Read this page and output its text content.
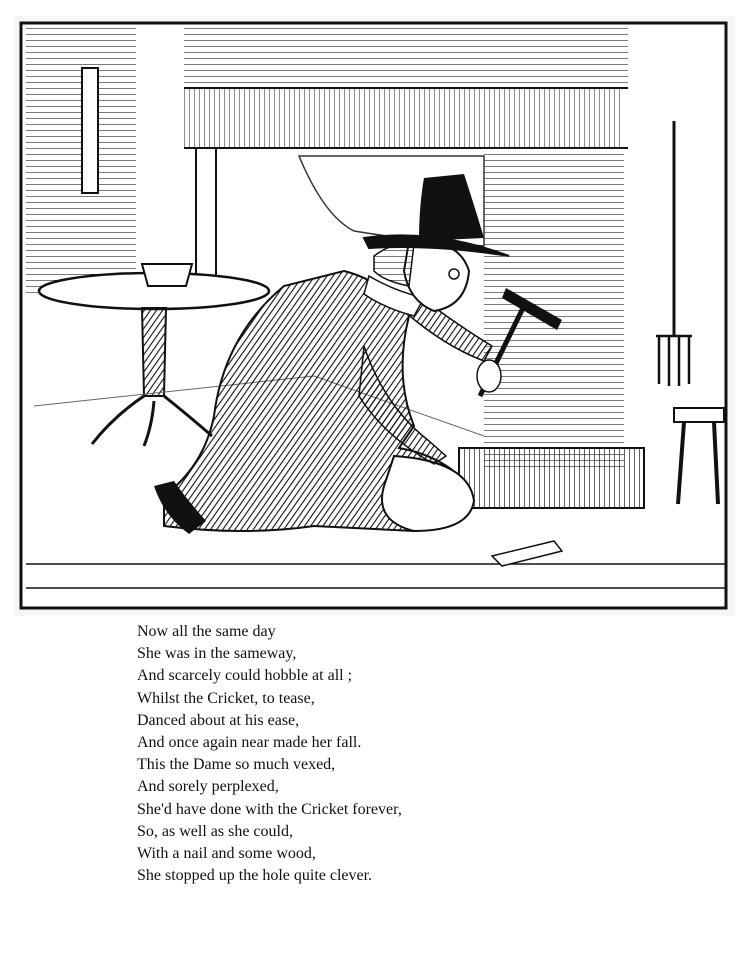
Now all the same day
She was in the sameway,
And scarcely could hobble at all ;
Whilst the Cricket, to tease,
Danced about at his ease,
And once again near made her fall.
This the Dame so much vexed,
And sorely perplexed,
She'd have done with the Cricket forever,
So, as well as she could,
With a nail and some wood,
She stopped up the hole quite clever.
